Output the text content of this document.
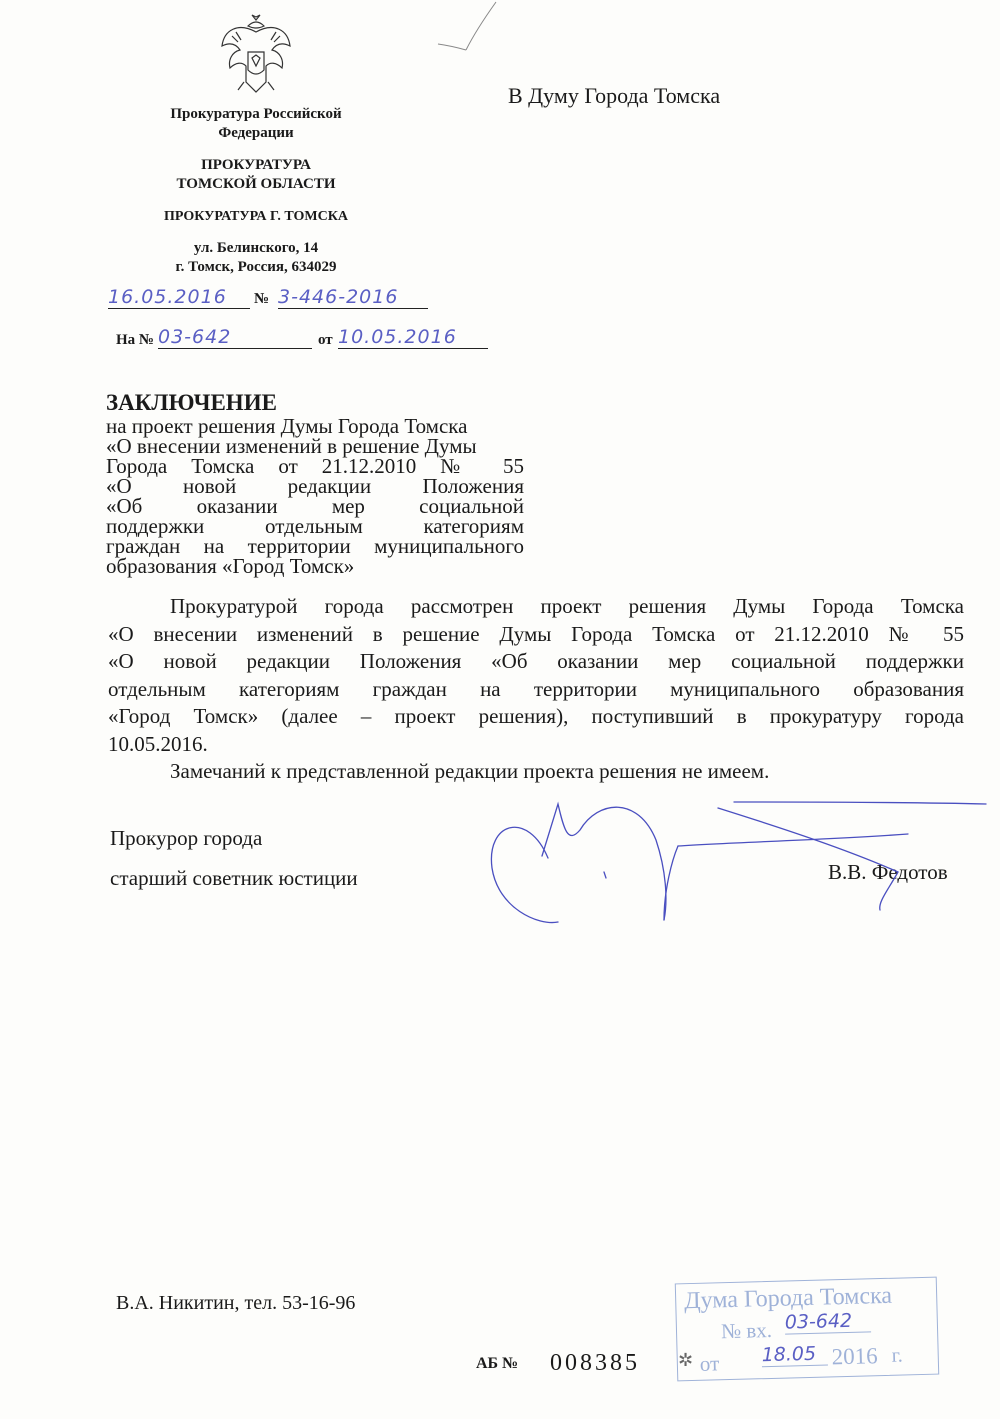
Прокуратура Российской
Федерации
ПРОКУРАТУРА
ТОМСКОЙ ОБЛАСТИ
ПРОКУРАТУРА Г. ТОМСКА
ул. Белинского, 14
г. Томск, Россия, 634029
16.05.2016	№ 3-446-2016
На № 03-642	от 10.05.2016
В Думу Города Томска
ЗАКЛЮЧЕНИЕ
на проект решения Думы Города Томска
«О внесении изменений в решение Думы
Города Томска от 21.12.2010 № 55
«О новой редакции Положения
«Об оказании мер социальной
поддержки отдельным категориям
граждан на территории муниципального
образования «Город Томск»
Прокуратурой города рассмотрен проект решения Думы Города Томска
«О внесении изменений в решение Думы Города Томска от 21.12.2010 № 55
«О новой редакции Положения «Об оказании мер социальной поддержки
отдельным категориям граждан на территории муниципального образования
«Город Томск» (далее – проект решения), поступивший в прокуратуру города
10.05.2016.
Замечаний к представленной редакции проекта решения не имеем.
Прокурор города
старший советник юстиции	В.В. Федотов
В.А. Никитин, тел. 53-16-96
АБ № 008385
Дума Города Томска
№ вх. 03-642
от 18.05 2016 г.
✲
